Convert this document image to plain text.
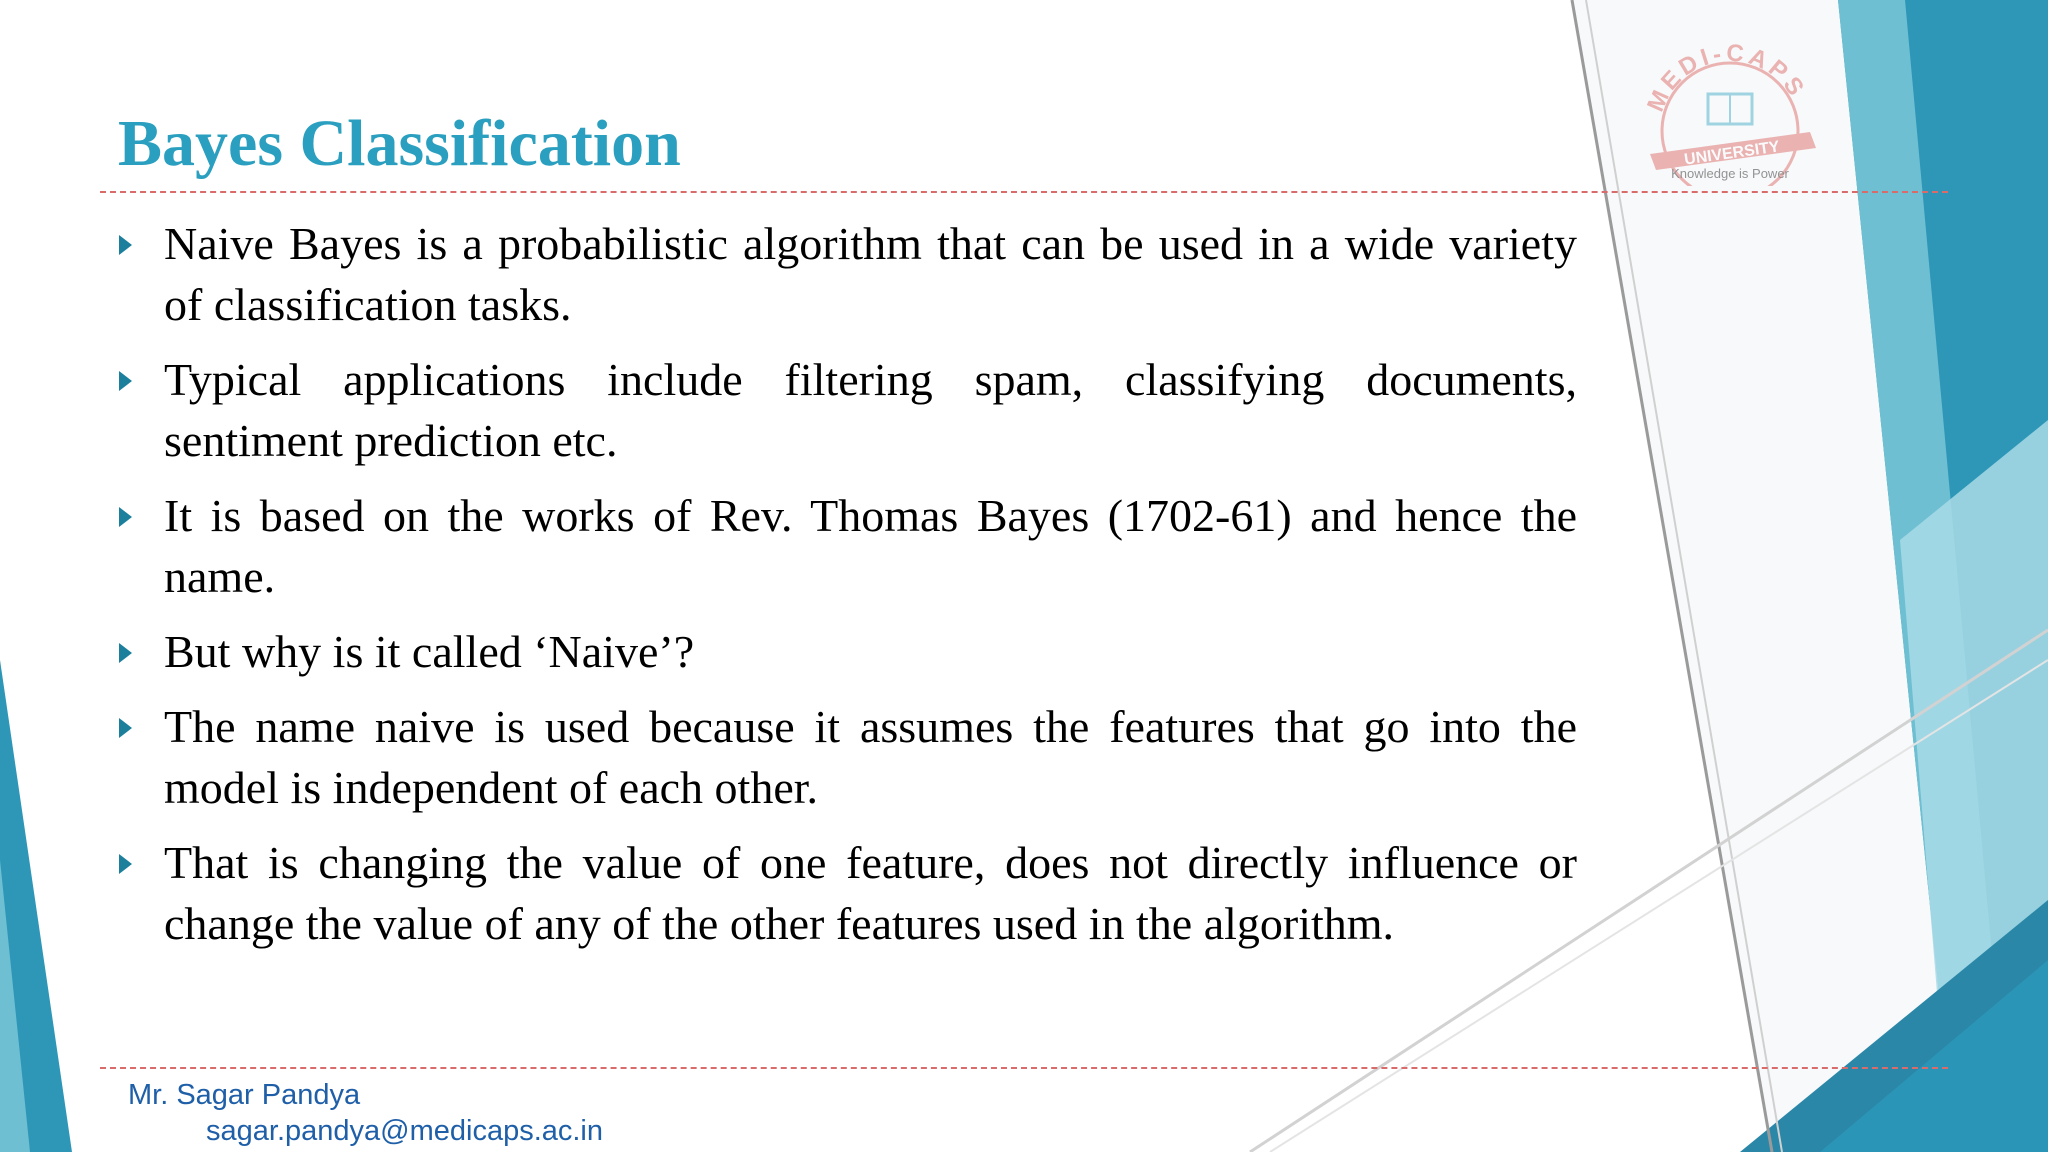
MEDI-CAPS
UNIVERSITY
Knowledge is Power
Bayes Classification
Naive Bayes is a probabilistic algorithm that can be used in a wide variety of classification tasks.
Typical applications include filtering spam, classifying documents, sentiment prediction etc.
It is based on the works of Rev. Thomas Bayes (1702-61) and hence the name.
But why is it called ‘Naive’?
The name naive is used because it assumes the features that go into the model is independent of each other.
That is changing the value of one feature, does not directly influence or change the value of any of the other features used in the algorithm.
Mr. Sagar Pandya
sagar.pandya@medicaps.ac.in
